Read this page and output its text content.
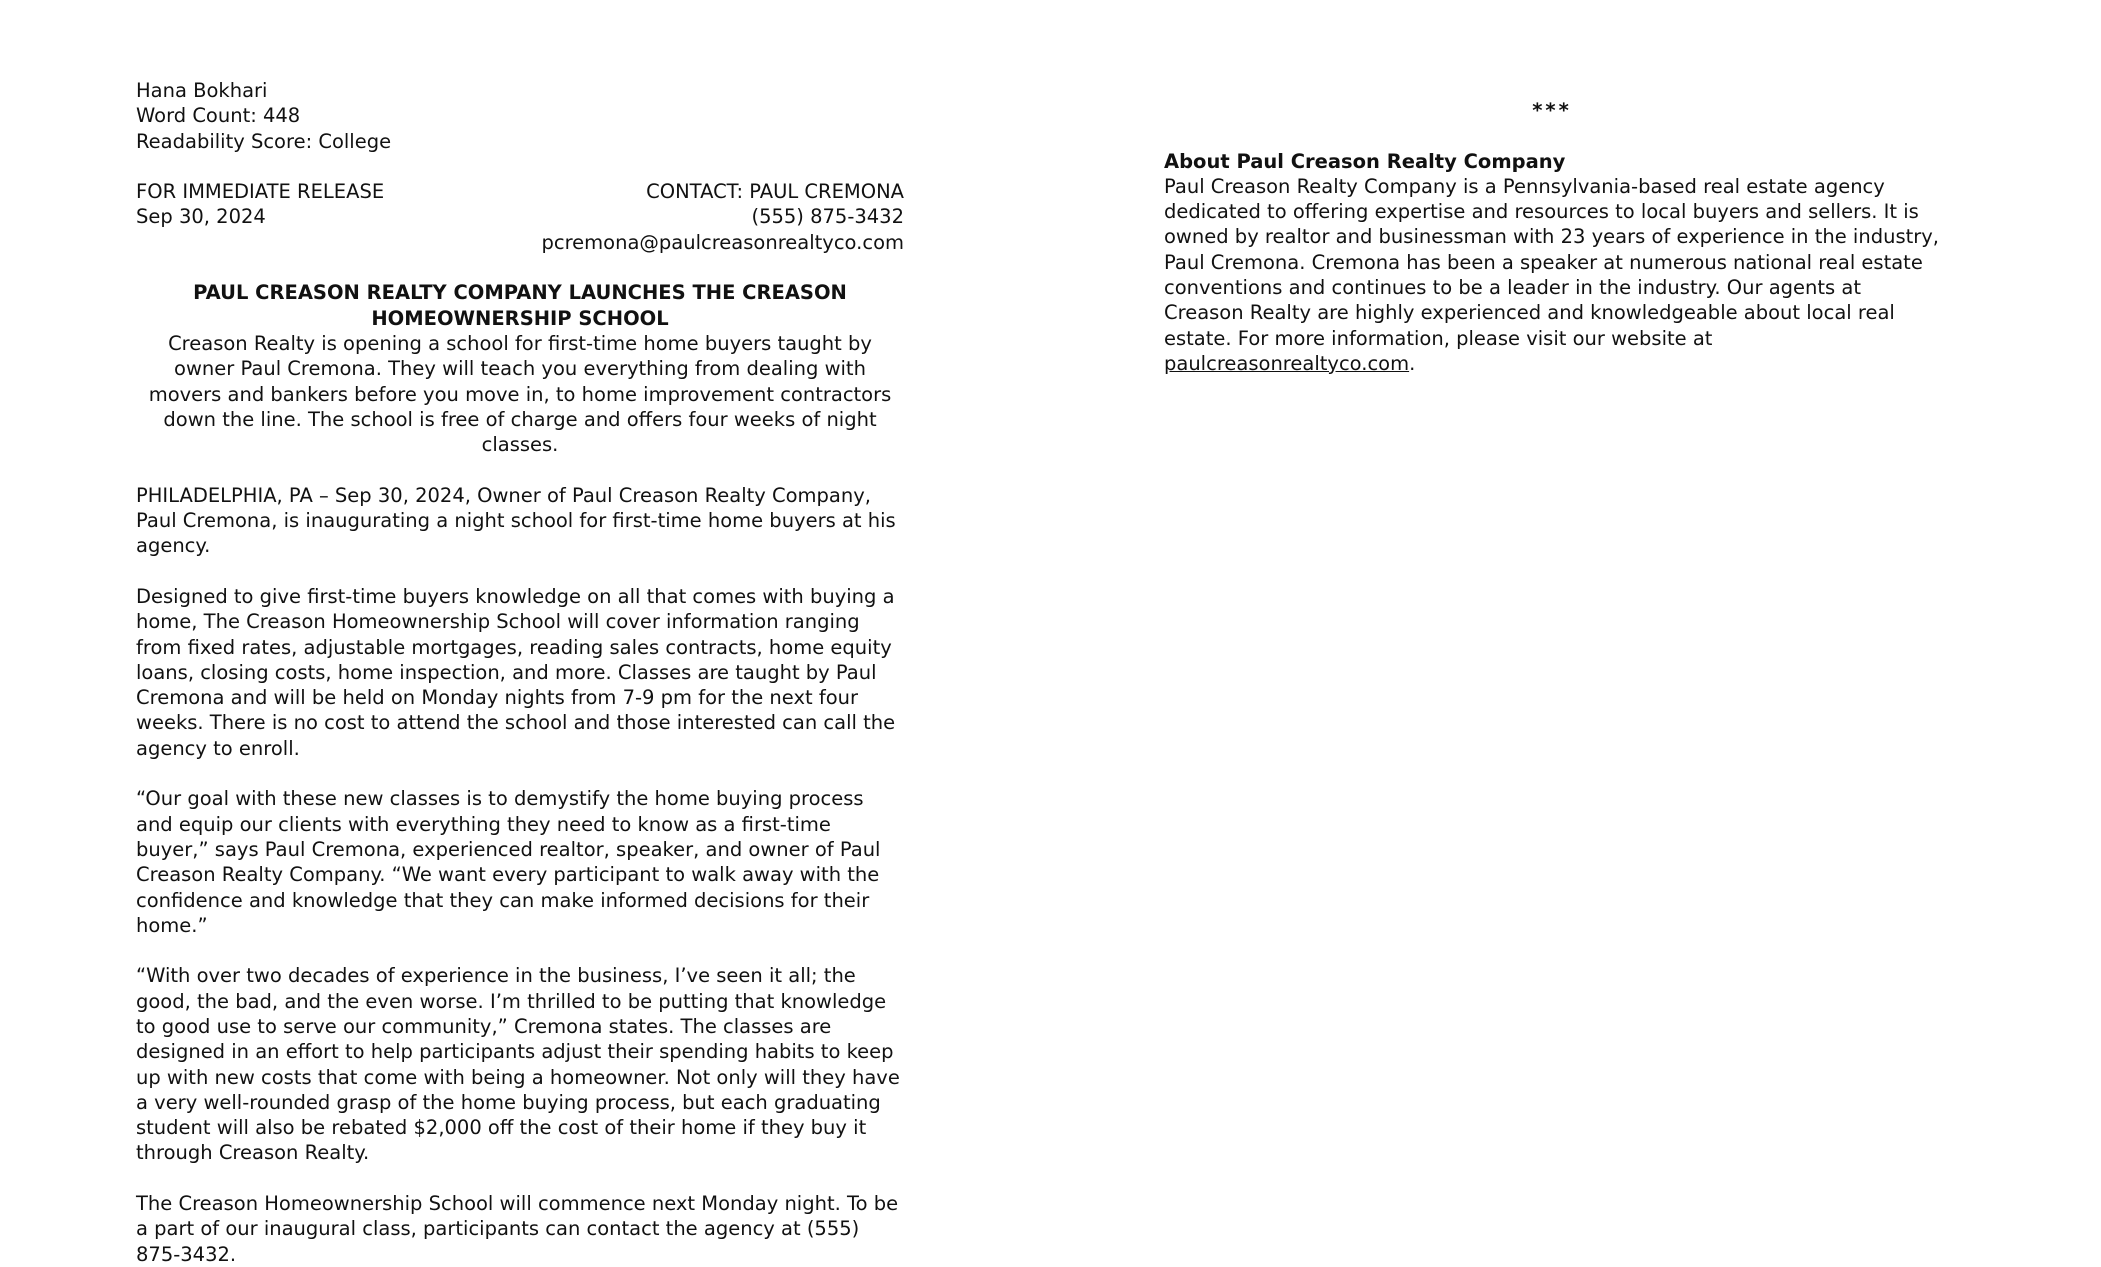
Hana Bokhari
Word Count: 448
Readability Score: College
FOR IMMEDIATE RELEASE
Sep 30, 2024
CONTACT: PAUL CREMONA
(555) 875-3432
pcremona@paulcreasonrealtyco.com
PAUL CREASON REALTY COMPANY LAUNCHES THE CREASON HOMEOWNERSHIP SCHOOL
Creason Realty is opening a school for first-time home buyers taught by owner Paul Cremona. They will teach you everything from dealing with movers and bankers before you move in, to home improvement contractors down the line. The school is free of charge and offers four weeks of night classes.

PHILADELPHIA, PA – Sep 30, 2024, Owner of Paul Creason Realty Company, Paul Cremona, is inaugurating a night school for first-time home buyers at his agency.

Designed to give first-time buyers knowledge on all that comes with buying a home, The Creason Homeownership School will cover information ranging from fixed rates, adjustable mortgages, reading sales contracts, home equity loans, closing costs, home inspection, and more. Classes are taught by Paul Cremona and will be held on Monday nights from 7-9 pm for the next four weeks. There is no cost to attend the school and those interested can call the agency to enroll.

“Our goal with these new classes is to demystify the home buying process and equip our clients with everything they need to know as a first-time buyer,” says Paul Cremona, experienced realtor, speaker, and owner of Paul Creason Realty Company. “We want every participant to walk away with the confidence and knowledge that they can make informed decisions for their home.”

“With over two decades of experience in the business, I’ve seen it all; the good, the bad, and the even worse. I’m thrilled to be putting that knowledge to good use to serve our community,” Cremona states. The classes are designed in an effort to help participants adjust their spending habits to keep up with new costs that come with being a homeowner. Not only will they have a very well-rounded grasp of the home buying process, but each graduating student will also be rebated $2,000 off the cost of their home if they buy it through Creason Realty.

The Creason Homeownership School will commence next Monday night. To be a part of our inaugural class, participants can contact the agency at (555) 875-3432.

***
About Paul Creason Realty Company

Paul Creason Realty Company is a Pennsylvania-based real estate agency dedicated to offering expertise and resources to local buyers and sellers. It is owned by realtor and businessman with 23 years of experience in the industry, Paul Cremona. Cremona has been a speaker at numerous national real estate conventions and continues to be a leader in the industry. Our agents at Creason Realty are highly experienced and knowledgeable about local real estate. For more information, please visit our website at paulcreasonrealtyco.com.
